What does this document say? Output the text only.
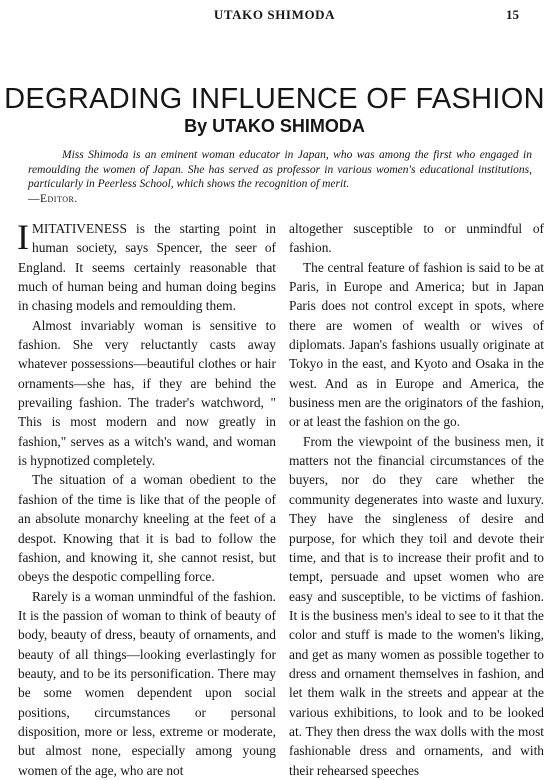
UTAKO SHIMODA	15
DEGRADING INFLUENCE OF FASHION
By UTAKO SHIMODA
Miss Shimoda is an eminent woman educator in Japan, who was among the first who engaged in remoulding the women of Japan. She has served as professor in various women's educational institutions, particularly in Peerless School, which shows the recognition of merit.
—Editor.

IMITATIVENESS is the starting point in human society, says Spencer, the seer of England. It seems certainly reasonable that much of human being and human doing begins in chasing models and remoulding them.

Almost invariably woman is sensitive to fashion. She very reluctantly casts away whatever possessions—beautiful clothes or hair ornaments—she has, if they are behind the prevailing fashion. The trader's watchword, " This is most modern and now greatly in fashion," serves as a witch's wand, and woman is hypnotized completely.

The situation of a woman obedient to the fashion of the time is like that of the people of an absolute monarchy kneeling at the feet of a despot. Knowing that it is bad to follow the fashion, and knowing it, she cannot resist, but obeys the despotic compelling force.

Rarely is a woman unmindful of the fashion. It is the passion of woman to think of beauty of body, beauty of dress, beauty of ornaments, and beauty of all things—looking everlastingly for beauty, and to be its personification. There may be some women dependent upon social positions, circumstances or personal disposition, more or less, extreme or moderate, but almost none, especially among young women of the age, who are not

altogether susceptible to or unmindful of fashion.

The central feature of fashion is said to be at Paris, in Europe and America; but in Japan Paris does not control except in spots, where there are women of wealth or wives of diplomats. Japan's fashions usually originate at Tokyo in the east, and Kyoto and Osaka in the west. And as in Europe and America, the business men are the originators of the fashion, or at least the fashion on the go.

From the viewpoint of the business men, it matters not the financial circumstances of the buyers, nor do they care whether the community degenerates into waste and luxury. They have the singleness of desire and purpose, for which they toil and devote their time, and that is to increase their profit and to tempt, persuade and upset women who are easy and susceptible, to be victims of fashion. It is the business men's ideal to see to it that the color and stuff is made to the women's liking, and get as many women as possible together to dress and ornament themselves in fashion, and let them walk in the streets and appear at the various exhibitions, to look and to be looked at. They then dress the wax dolls with the most fashionable dress and ornaments, and with their rehearsed speeches
